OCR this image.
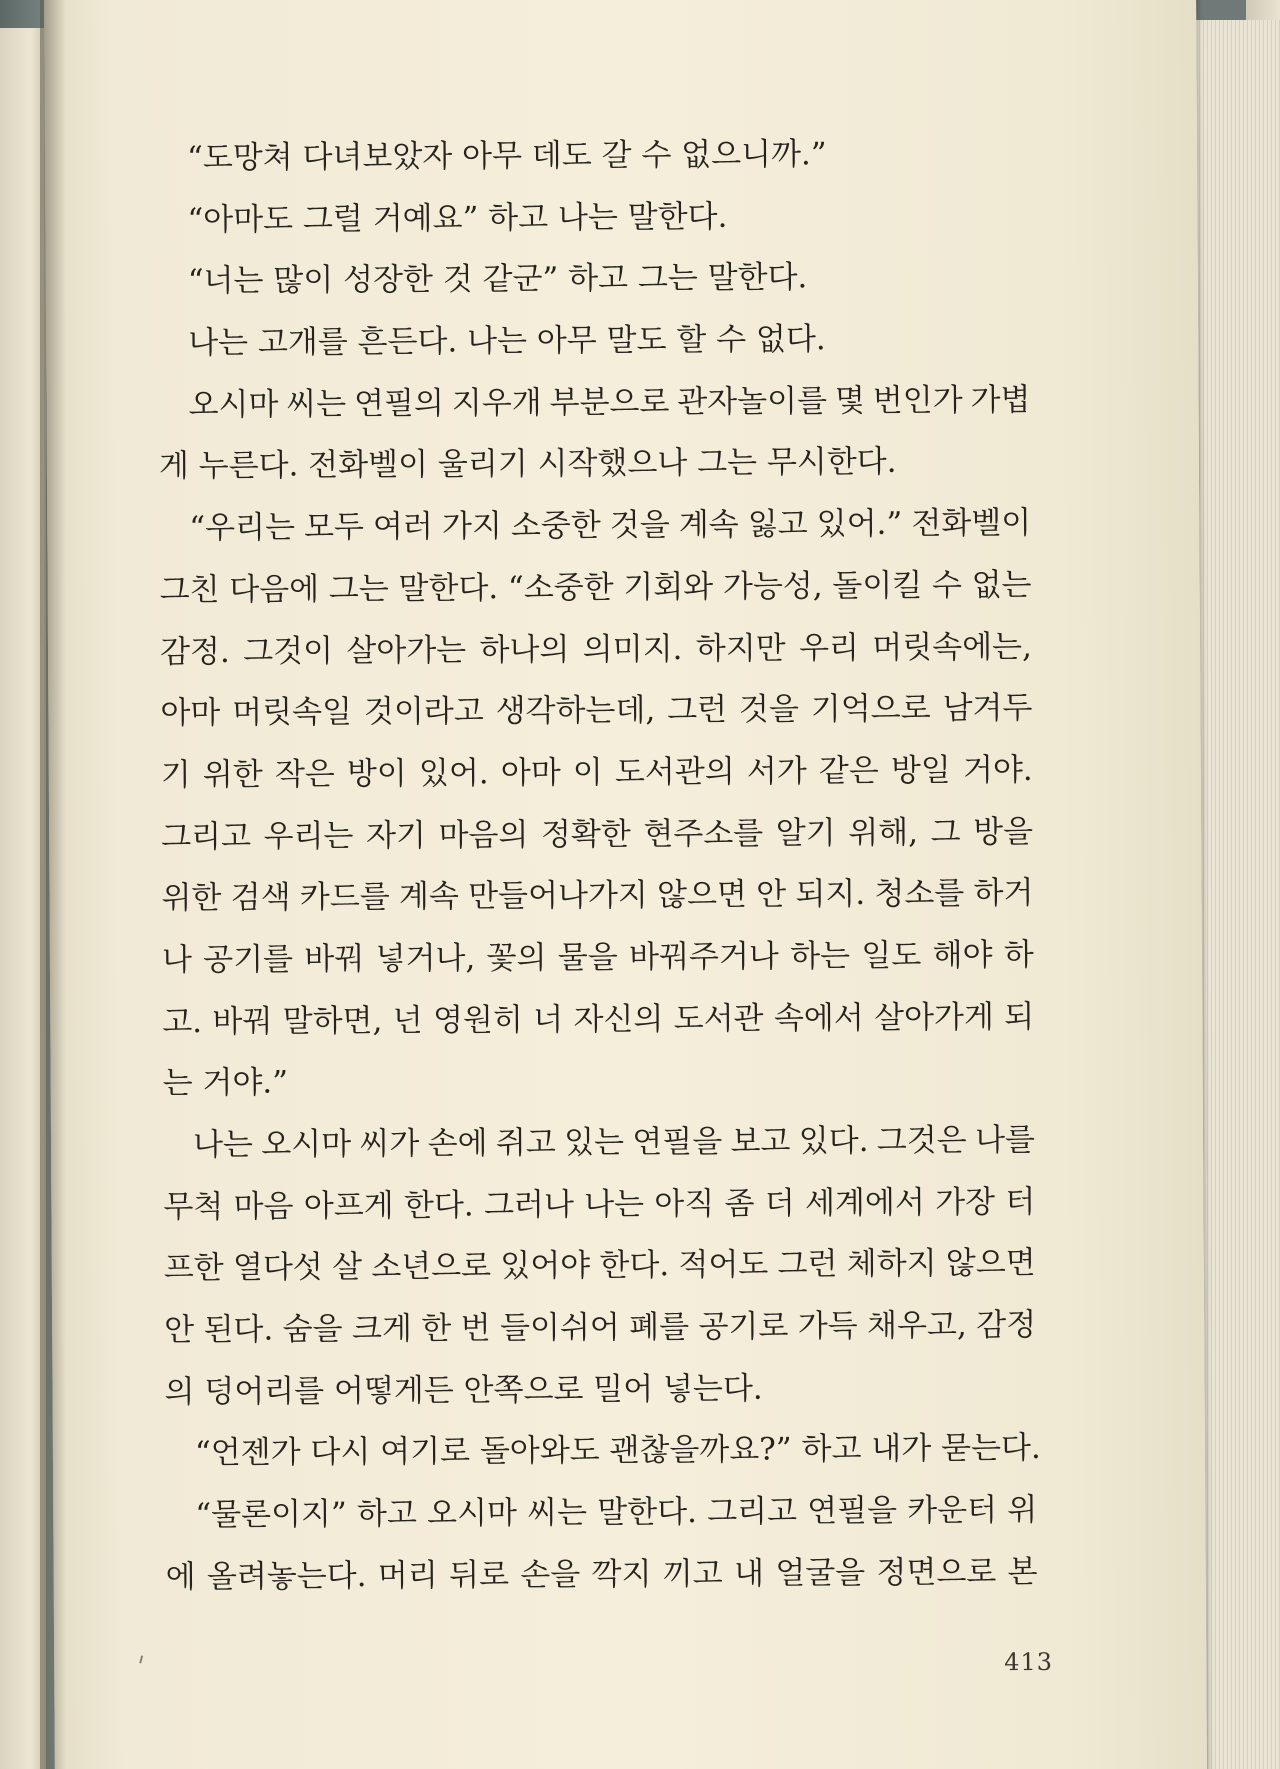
“도망쳐 다녀보았자 아무 데도 갈 수 없으니까.”
“아마도 그럴 거예요” 하고 나는 말한다.
“너는 많이 성장한 것 같군” 하고 그는 말한다.
나는 고개를 흔든다. 나는 아무 말도 할 수 없다.
오시마 씨는 연필의 지우개 부분으로 관자놀이를 몇 번인가 가볍
게 누른다. 전화벨이 울리기 시작했으나 그는 무시한다.
“우리는 모두 여러 가지 소중한 것을 계속 잃고 있어.” 전화벨이
그친 다음에 그는 말한다. “소중한 기회와 가능성, 돌이킬 수 없는
감정. 그것이 살아가는 하나의 의미지. 하지만 우리 머릿속에는,
아마 머릿속일 것이라고 생각하는데, 그런 것을 기억으로 남겨두
기 위한 작은 방이 있어. 아마 이 도서관의 서가 같은 방일 거야.
그리고 우리는 자기 마음의 정확한 현주소를 알기 위해, 그 방을
위한 검색 카드를 계속 만들어나가지 않으면 안 되지. 청소를 하거
나 공기를 바꿔 넣거나, 꽃의 물을 바꿔주거나 하는 일도 해야 하
고. 바꿔 말하면, 넌 영원히 너 자신의 도서관 속에서 살아가게 되
는 거야.”
나는 오시마 씨가 손에 쥐고 있는 연필을 보고 있다. 그것은 나를
무척 마음 아프게 한다. 그러나 나는 아직 좀 더 세계에서 가장 터
프한 열다섯 살 소년으로 있어야 한다. 적어도 그런 체하지 않으면
안 된다. 숨을 크게 한 번 들이쉬어 폐를 공기로 가득 채우고, 감정
의 덩어리를 어떻게든 안쪽으로 밀어 넣는다.
“언젠가 다시 여기로 돌아와도 괜찮을까요?” 하고 내가 묻는다.
“물론이지” 하고 오시마 씨는 말한다. 그리고 연필을 카운터 위
에 올려놓는다. 머리 뒤로 손을 깍지 끼고 내 얼굴을 정면으로 본
413
